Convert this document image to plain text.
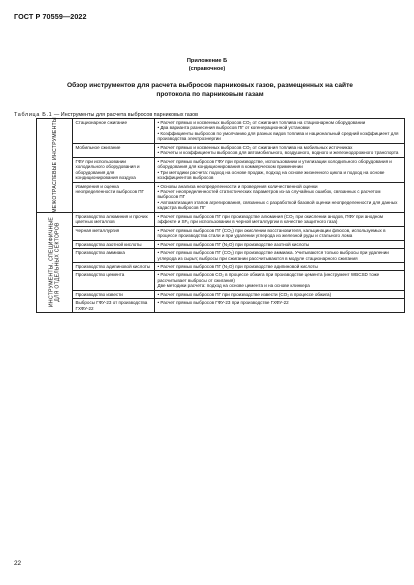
ГОСТ Р 70559—2022
Приложение Б
(справочное)
Обзор инструментов для расчета выбросов парниковых газов, размещенных на сайте протокола по парниковым газам
Таблица Б.1 — Инструменты для расчета выбросов парниковых газов
МЕЖОТРАСЛЕВЫЕ ИНСТРУМЕНТЫ	Стационарное сжигание	• Расчет прямых и косвенных выбросов CO₂ от сжигания топлива на стационарном оборудовании

• Два варианта разнесения выбросов ПГ от когенерационной установки

• Коэффициенты выбросов по умолчанию для разных видов топлива и национальный средний коэффициент для производства электроэнергии

	Мобильное сжигание	• Расчет прямых и косвенных выбросов CO₂ от сжигания топлива на мобильных источниках

• Расчеты и коэффициенты выбросов для автомобильного, воздушного, водного и железнодорожного транспорта

	ГФУ при использовании холодильного оборудования и оборудования для кондиционирования воздуха	• Расчет прямых выбросов ГФУ при производстве, использовании и утилизации холодильного оборудования и оборудования для кондиционирования в коммерческом применении

• Три методики расчета: подход на основе продаж, подход на основе жизненного цикла и подход на основе коэффициентов выбросов

	Измерения и оценка неопределенности выбросов ПГ	• Основы анализа неопределенности и проведения количественной оценки

• Расчет неопределенностей статистических параметров из-за случайных ошибок, связанных с расчетом выбросов ПГ

• Автоматизация этапов агрегирования, связанных с разработкой базовой оценки неопределенности для данных кадастра выбросов ПГ

ИНСТРУМЕНТЫ, СПЕЦИФИЧНЫЕ ДЛЯ ОТДЕЛЬНЫХ СЕКТОРОВ	Производство алюминия и прочих цветных металлов	• Расчет прямых выбросов ПГ при производстве алюминия (CO₂ при окислении анодов, ПФУ при анодном эффекте и SF₆ при использовании в черной металлургии в качестве защитного газа)

	Черная металлургия	• Расчет прямых выбросов ПГ (CO₂) при окислении восстановителя, кальцинации флюсов, используемых в процессе производства стали и при удалении углерода из железной руды и стального лома

	Производство азотной кислоты	• Расчет прямых выбросов ПГ (N₂O) при производстве азотной кислоты

	Производство аммиака	• Расчет прямых выбросов ПГ (CO₂) при производстве аммиака. Учитываются только выбросы при удалении углерода из сырья; выбросы при сжигании рассчитываются в модуле стационарного сжигания

	Производство адипиновой кислоты	• Расчет прямых выбросов ПГ (N₂O) при производстве адипиновой кислоты

	Производство цемента	• Расчет прямых выбросов CO₂ в процессе обжига при производстве цемента (инструмент WBCSD тоже рассчитывает выбросы от сжигания)

Две методики расчета: подход на основе цемента и на основе клинкера

	Производство извести	• Расчет прямых выбросов ПГ при производстве извести (CO₂ в процессе обжига)

	Выбросы ГФУ-23 от производства ГХФУ-22	• Расчет прямых выбросов ГФУ-23 при производстве ГХФУ-22

22
